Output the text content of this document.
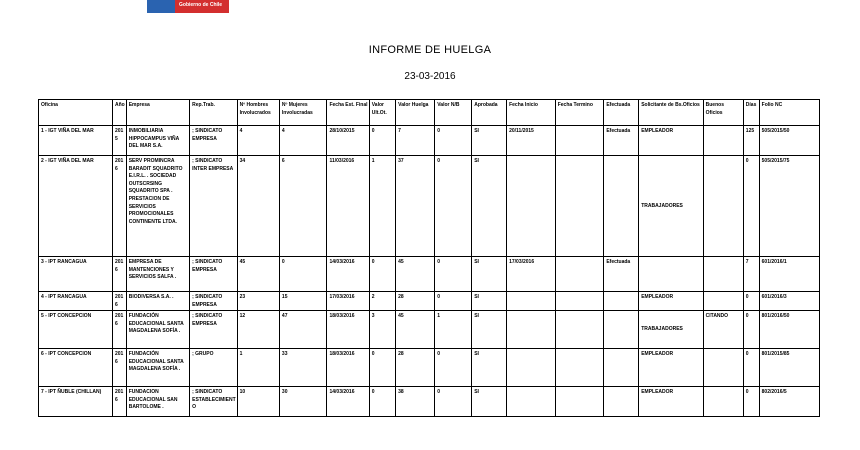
Gobierno de Chile
INFORME DE HUELGA
23-03-2016
Oficina	Año	Empresa	Rep.Trab.	Nº Hombres Involucrados	Nº Mujeres Involucradas	Fecha Est. Final	Valor Ult.Ot.	Valor Huelga	Valor N/B	Aprobada	Fecha Inicio	Fecha Termino	Efectuada	Solicitante de Bs.Oficios	Buenos Oficios	Días	Folio NC
1 - IGT VIÑA DEL MAR	2015	INMOBILIARIA HIPPOCAMPUS VIÑA DEL MAR S.A.	; SINDICATO EMPRESA	4	4	28/10/2015	0	7	0	SI	20/11/2015		Efectuada	EMPLEADOR		125	505/2015/50
2 - IGT VIÑA DEL MAR	2016	SERV PROMINCRA BARADIT SQUADRITO E.I.R.L. . SOCIEDAD OUTSCRSING SQUADRITO SPA . PRESTACION DE SERVICIOS PROMOCIONALES CONTINENTE LTDA.	; SINDICATO INTER EMPRESA	34	6	11/03/2016	1	37	0	SI				TRABAJADORES		0	505/2015/75
3 - IPT RANCAGUA	2016	EMPRESA DE MANTENCIONES Y SERVICIOS SALFA .	; SINDICATO EMPRESA	45	0	14/03/2016	0	45	0	SI	17/03/2016		Efectuada			7	601/2016/1
4 - IPT RANCAGUA	2016	BIODIVERSA S.A. .	; SINDICATO EMPRESA	23	15	17/03/2016	2	28	0	SI				EMPLEADOR		0	601/2016/3
5 - IPT CONCEPCION	2016	FUNDACIÓN EDUCACIONAL SANTA MAGDALENA SOFÍA .	; SINDICATO EMPRESA	12	47	18/03/2016	3	45	1	SI				TRABAJADORES	CITANDO	0	801/2016/50
6 - IPT CONCEPCION	2016	FUNDACIÓN EDUCACIONAL SANTA MAGDALENA SOFÍA .	; GRUPO	1	33	18/03/2016	0	28	0	SI				EMPLEADOR		0	801/2015/85
7 - IPT ÑUBLE (CHILLAN)	2016	FUNDACION EDUCACIONAL SAN BARTOLOME .	; SINDICATO ESTABLECIMIENTO	10	30	14/03/2016	0	38	0	SI				EMPLEADOR		0	802/2016/5
